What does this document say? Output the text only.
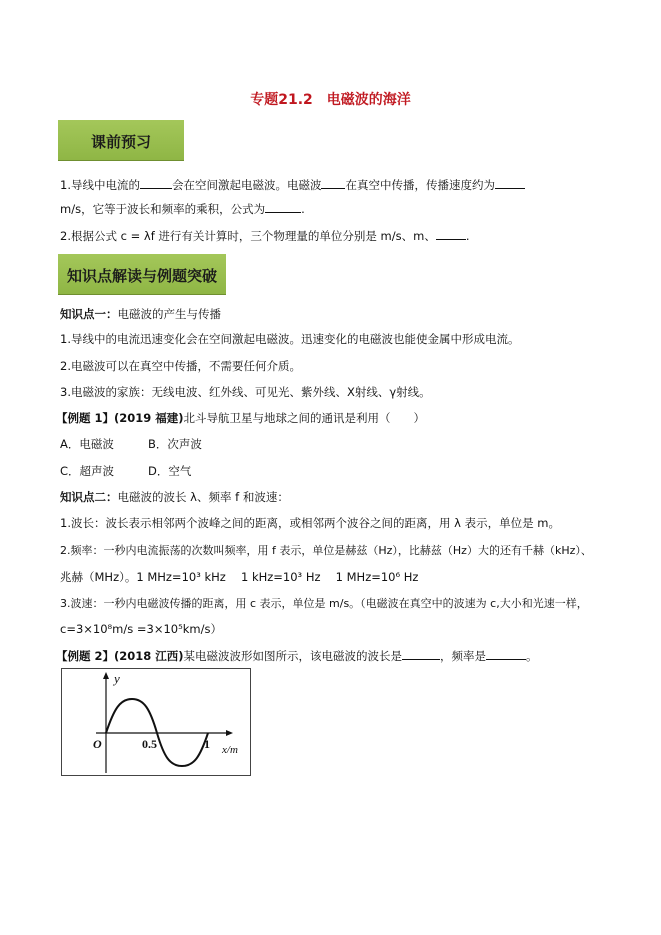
专题21.2　电磁波的海洋
课前预习
1.导线中电流的	会在空间激起电磁波。电磁波 在真空中传播，传播速度约为
m/s，它等于波长和频率的乘积，公式为	.
2.根据公式 c = λf 进行有关计算时，三个物理量的单位分别是 m/s、m、	.
知识点解读与例题突破
知识点一：电磁波的产生与传播
1.导线中的电流迅速变化会在空间激起电磁波。迅速变化的电磁波也能使金属中形成电流。
2.电磁波可以在真空中传播，不需要任何介质。
3.电磁波的家族：无线电波、红外线、可见光、紫外线、X射线、γ射线。
【例题 1】(2019 福建)北斗导航卫星与地球之间的通讯是利用（　　）
A．电磁波	B．次声波
C．超声波	D．空气
知识点二：电磁波的波长 λ、频率 f 和波速：
1.波长：波长表示相邻两个波峰之间的距离，或相邻两个波谷之间的距离，用 λ 表示，单位是 m。
2.频率：一秒内电流振荡的次数叫频率，用 f 表示，单位是赫兹（Hz），比赫兹（Hz）大的还有千赫（kHz）、
兆赫（MHz）。1 MHz=10³ kHz　 1 kHz=10³ Hz　 1 MHz=10⁶ Hz
3.波速：一秒内电磁波传播的距离，用 c 表示，单位是 m/s。（电磁波在真空中的波速为 c,大小和光速一样，
c=3×10⁸m/s =3×10⁵km/s）
【例题 2】(2018 江西)某电磁波波形如图所示，该电磁波的波长是	，频率是	。
y
O	0.5	1 x/m
